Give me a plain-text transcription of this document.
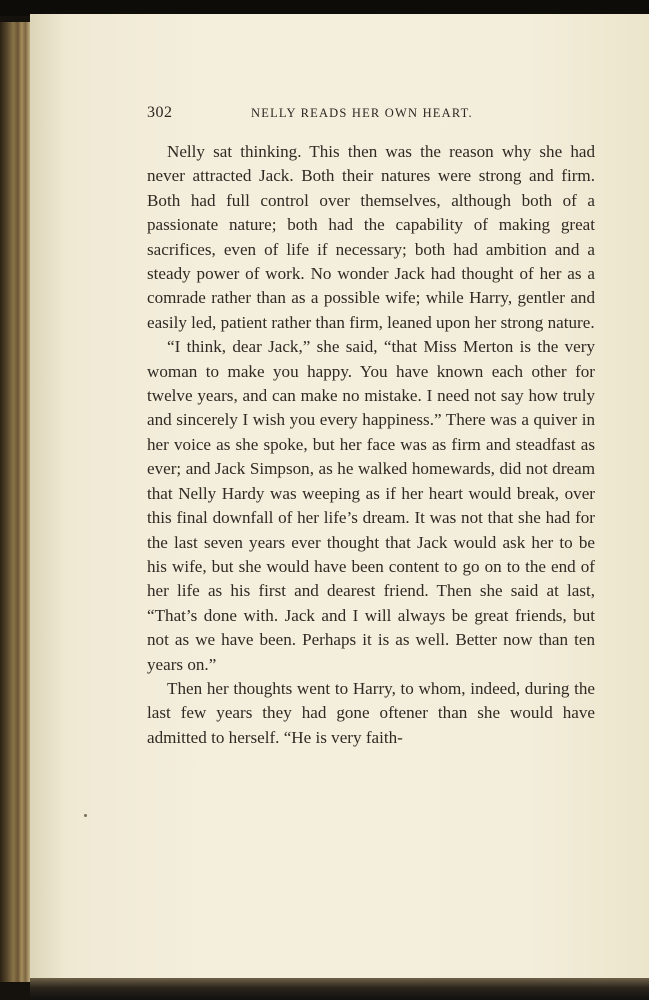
302	NELLY READS HER OWN HEART.

Nelly sat thinking. This then was the reason why she had never attracted Jack. Both their natures were strong and firm. Both had full control over themselves, although both of a passionate nature; both had the capability of making great sacrifices, even of life if necessary; both had ambition and a steady power of work. No wonder Jack had thought of her as a comrade rather than as a possible wife; while Harry, gentler and easily led, patient rather than firm, leaned upon her strong nature.

“I think, dear Jack,” she said, “that Miss Merton is the very woman to make you happy. You have known each other for twelve years, and can make no mistake. I need not say how truly and sincerely I wish you every happiness.” There was a quiver in her voice as she spoke, but her face was as firm and steadfast as ever; and Jack Simpson, as he walked homewards, did not dream that Nelly Hardy was weeping as if her heart would break, over this final downfall of her life’s dream. It was not that she had for the last seven years ever thought that Jack would ask her to be his wife, but she would have been content to go on to the end of her life as his first and dearest friend. Then she said at last, “That’s done with. Jack and I will always be great friends, but not as we have been. Perhaps it is as well. Better now than ten years on.”

Then her thoughts went to Harry, to whom, indeed, during the last few years they had gone oftener than she would have admitted to herself. “He is very faith-
